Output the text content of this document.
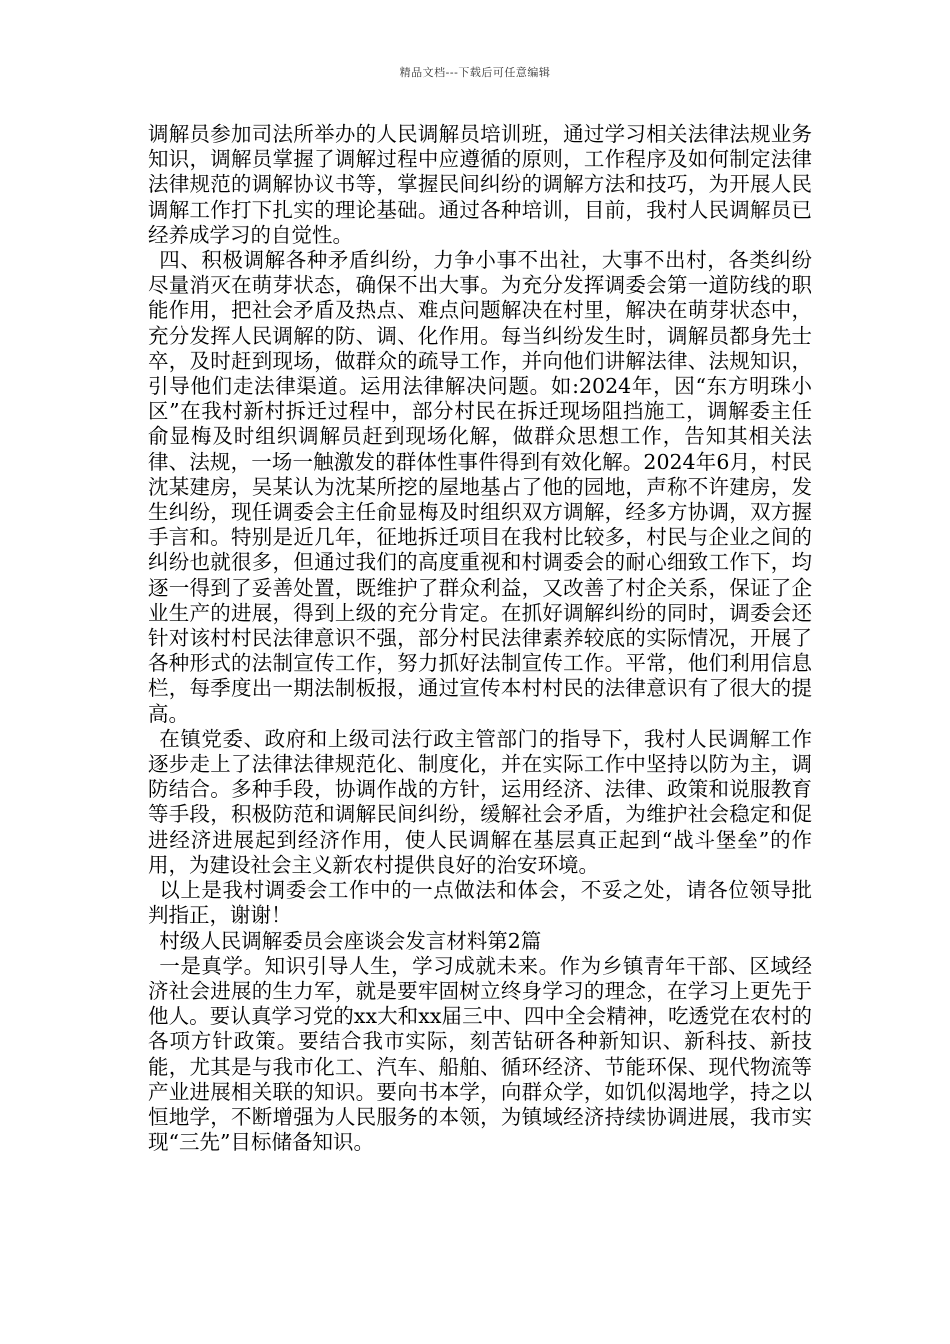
精品文档---下载后可任意编辑

调解员参加司法所举办的人民调解员培训班，通过学习相关法律法规业务知识，调解员掌握了调解过程中应遵循的原则，工作程序及如何制定法律法律规范的调解协议书等，掌握民间纠纷的调解方法和技巧，为开展人民调解工作打下扎实的理论基础。通过各种培训，目前，我村人民调解员已经养成学习的自觉性。

四、积极调解各种矛盾纠纷，力争小事不出社，大事不出村，各类纠纷尽量消灭在萌芽状态，确保不出大事。为充分发挥调委会第一道防线的职能作用，把社会矛盾及热点、难点问题解决在村里，解决在萌芽状态中，充分发挥人民调解的防、调、化作用。每当纠纷发生时，调解员都身先士卒，及时赶到现场，做群众的疏导工作，并向他们讲解法律、法规知识，引导他们走法律渠道。运用法律解决问题。如:2024年，因“东方明珠小区”在我村新村拆迁过程中，部分村民在拆迁现场阻挡施工，调解委主任俞显梅及时组织调解员赶到现场化解，做群众思想工作，告知其相关法律、法规，一场一触激发的群体性事件得到有效化解。2024年6月，村民沈某建房，吴某认为沈某所挖的屋地基占了他的园地，声称不许建房，发生纠纷，现任调委会主任俞显梅及时组织双方调解，经多方协调，双方握手言和。特别是近几年，征地拆迁项目在我村比较多，村民与企业之间的纠纷也就很多，但通过我们的高度重视和村调委会的耐心细致工作下，均逐一得到了妥善处置，既维护了群众利益，又改善了村企关系，保证了企业生产的进展，得到上级的充分肯定。在抓好调解纠纷的同时，调委会还针对该村村民法律意识不强，部分村民法律素养较底的实际情况，开展了各种形式的法制宣传工作，努力抓好法制宣传工作。平常，他们利用信息栏，每季度出一期法制板报，通过宣传本村村民的法律意识有了很大的提高。

在镇党委、政府和上级司法行政主管部门的指导下，我村人民调解工作逐步走上了法律法律规范化、制度化，并在实际工作中坚持以防为主，调防结合。多种手段，协调作战的方针，运用经济、法律、政策和说服教育等手段，积极防范和调解民间纠纷，缓解社会矛盾，为维护社会稳定和促进经济进展起到经济作用，使人民调解在基层真正起到“战斗堡垒”的作用，为建设社会主义新农村提供良好的治安环境。

以上是我村调委会工作中的一点做法和体会，不妥之处，请各位领导批判指正，谢谢！

村级人民调解委员会座谈会发言材料第2篇

一是真学。知识引导人生，学习成就未来。作为乡镇青年干部、区域经济社会进展的生力军，就是要牢固树立终身学习的理念，在学习上更先于他人。要认真学习党的xx大和xx届三中、四中全会精神，吃透党在农村的各项方针政策。要结合我市实际，刻苦钻研各种新知识、新科技、新技能，尤其是与我市化工、汽车、船舶、循环经济、节能环保、现代物流等产业进展相关联的知识。要向书本学，向群众学，如饥似渴地学，持之以恒地学，不断增强为人民服务的本领，为镇域经济持续协调进展，我市实现“三先”目标储备知识。
